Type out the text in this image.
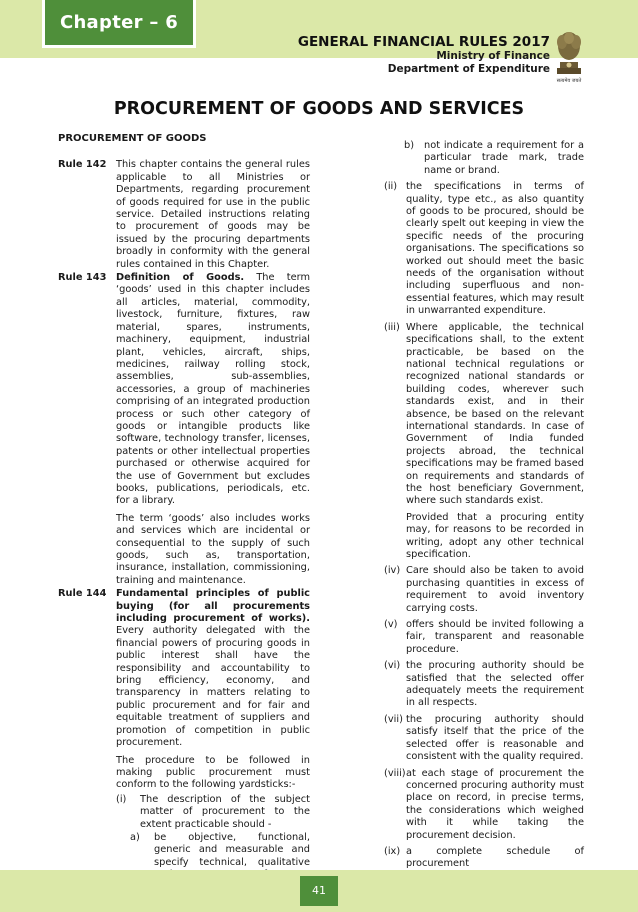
Chapter – 6
GENERAL FINANCIAL RULES 2017
Ministry of Finance
Department of Expenditure
सत्यमेव जयते
PROCUREMENT OF GOODS AND SERVICES
PROCUREMENT OF GOODS
Rule 142 This chapter contains the general rules applicable to all Ministries or Departments, regarding procurement of goods required for use in the public service. Detailed instructions relating to procurement of goods may be issued by the procuring departments broadly in conformity with the general rules contained in this Chapter.
Rule 143 Definition of Goods. The term ‘goods’ used in this chapter includes all articles, material, commodity, livestock, furniture, fixtures, raw material, spares, instruments, machinery, equipment, industrial plant, vehicles, aircraft, ships, medicines, railway rolling stock, assemblies, sub-assemblies, accessories, a group of machineries comprising of an integrated production process or such other category of goods or intangible products like software, technology transfer, licenses, patents or other intellectual properties purchased or otherwise acquired for the use of Government but excludes books, publications, periodicals, etc. for a library.
The term ‘goods’ also includes works and services which are incidental or consequential to the supply of such goods, such as, transportation, insurance, installation, commissioning, training and maintenance.
Rule 144 Fundamental principles of public buying (for all procurements including procurement of works). Every authority delegated with the financial powers of procuring goods in public interest shall have the responsibility and accountability to bring efficiency, economy, and transparency in matters relating to public procurement and for fair and equitable treatment of suppliers and promotion of competition in public procurement.
The procedure to be followed in making public procurement must conform to the following yardsticks:-
(i) The description of the subject matter of procurement to the extent practicable should -
a) be objective, functional, generic and measurable and specify technical, qualitative
b) not indicate a requirement for a particular trade mark, trade name or brand.
(ii) the specifications in terms of quality, type etc., as also quantity of goods to be procured, should be clearly spelt out keeping in view the specific needs of the procuring organisations. The specifications so worked out should meet the basic needs of the organisation without including superfluous and non-essential features, which may result in unwarranted expenditure.
(iii) Where applicable, the technical specifications shall, to the extent practicable, be based on the national technical regulations or recognized national standards or building codes, wherever such standards exist, and in their absence, be based on the relevant international standards. In case of Government of India funded projects abroad, the technical specifications may be framed based on requirements and standards of the host beneficiary Government, where such standards exist.
Provided that a procuring entity may, for reasons to be recorded in writing, adopt any other technical specification.
(iv) Care should also be taken to avoid purchasing quantities in excess of requirement to avoid inventory carrying costs.
(v) offers should be invited following a fair, transparent and reasonable procedure.
(vi) the procuring authority should be satisfied that the selected offer adequately meets the requirement in all respects.
(vii) the procuring authority should satisfy itself that the price of the selected offer is reasonable and consistent with the quality required.
(viii) at each stage of procurement the concerned procuring authority must place on record, in precise terms, the considerations which weighed with it while taking the procurement decision.
(ix) a complete schedule of procurement
41
